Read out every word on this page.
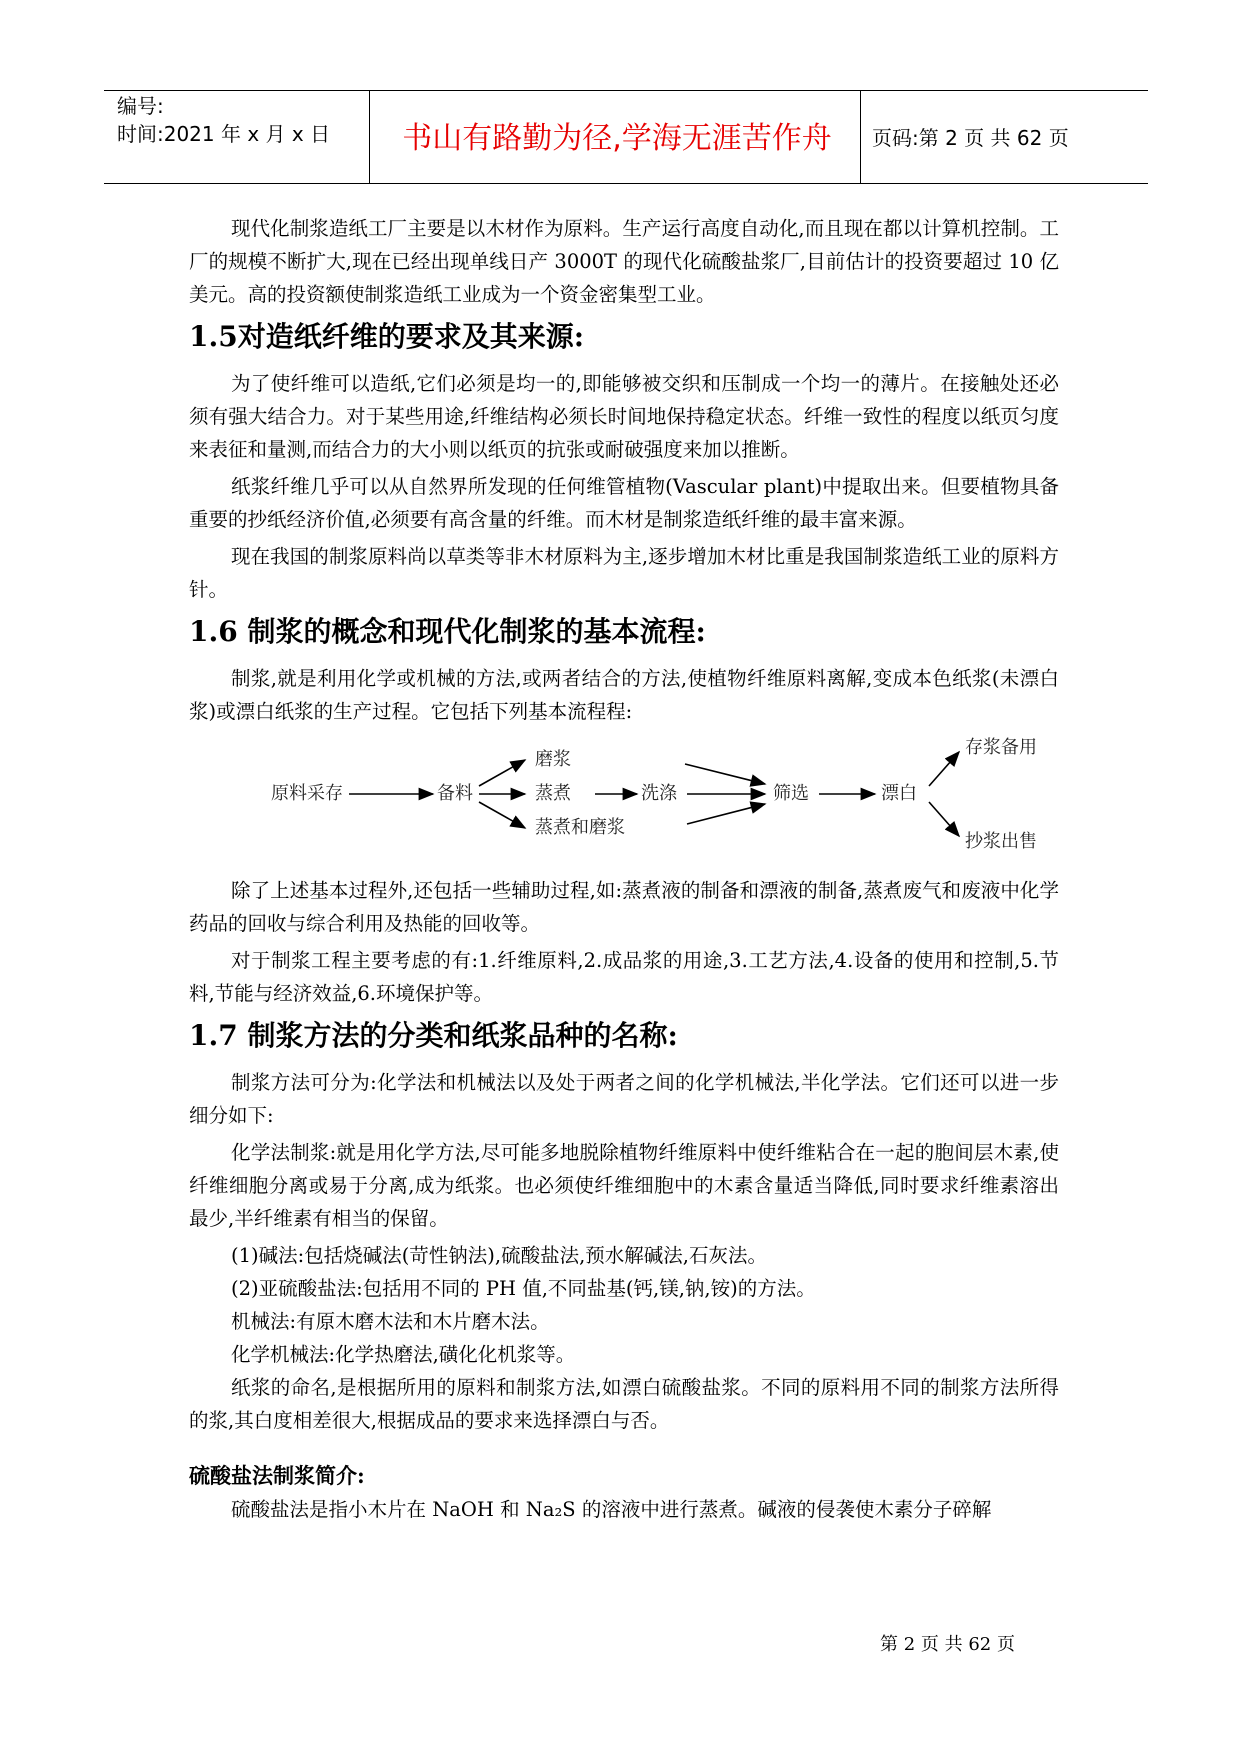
编号:
时间:2021 年 x 月 x 日	书山有路勤为径,学海无涯苦作舟	页码:第 2 页 共 62 页

现代化制浆造纸工厂主要是以木材作为原料。生产运行高度自动化,而且现在都以计算机控制。工厂的规模不断扩大,现在已经出现单线日产 3000T 的现代化硫酸盐浆厂,目前估计的投资要超过 10 亿美元。高的投资额使制浆造纸工业成为一个资金密集型工业。

1.5对造纸纤维的要求及其来源:

为了使纤维可以造纸,它们必须是均一的,即能够被交织和压制成一个均一的薄片。在接触处还必须有强大结合力。对于某些用途,纤维结构必须长时间地保持稳定状态。纤维一致性的程度以纸页匀度来表征和量测,而结合力的大小则以纸页的抗张或耐破强度来加以推断。

纸浆纤维几乎可以从自然界所发现的任何维管植物(Vascular plant)中提取出来。但要植物具备重要的抄纸经济价值,必须要有高含量的纤维。而木材是制浆造纸纤维的最丰富来源。

现在我国的制浆原料尚以草类等非木材原料为主,逐步增加木材比重是我国制浆造纸工业的原料方针。

1.6 制浆的概念和现代化制浆的基本流程:

制浆,就是利用化学或机械的方法,或两者结合的方法,使植物纤维原料离解,变成本色纸浆(未漂白浆)或漂白纸浆的生产过程。它包括下列基本流程程:

原料采存	备料
磨浆
蒸煮
蒸煮和磨浆
洗涤	筛选	漂白
存浆备用
抄浆出售

除了上述基本过程外,还包括一些辅助过程,如:蒸煮液的制备和漂液的制备,蒸煮废气和废液中化学药品的回收与综合利用及热能的回收等。

对于制浆工程主要考虑的有:1.纤维原料,2.成品浆的用途,3.工艺方法,4.设备的使用和控制,5.节料,节能与经济效益,6.环境保护等。

1.7 制浆方法的分类和纸浆品种的名称:

制浆方法可分为:化学法和机械法以及处于两者之间的化学机械法,半化学法。它们还可以进一步细分如下:

化学法制浆:就是用化学方法,尽可能多地脱除植物纤维原料中使纤维粘合在一起的胞间层木素,使纤维细胞分离或易于分离,成为纸浆。也必须使纤维细胞中的木素含量适当降低,同时要求纤维素溶出最少,半纤维素有相当的保留。

(1)碱法:包括烧碱法(苛性钠法),硫酸盐法,预水解碱法,石灰法。

(2)亚硫酸盐法:包括用不同的 PH 值,不同盐基(钙,镁,钠,铵)的方法。

机械法:有原木磨木法和木片磨木法。

化学机械法:化学热磨法,磺化化机浆等。

纸浆的命名,是根据所用的原料和制浆方法,如漂白硫酸盐浆。不同的原料用不同的制浆方法所得的浆,其白度相差很大,根据成品的要求来选择漂白与否。

硫酸盐法制浆简介:

硫酸盐法是指小木片在 NaOH 和 Na₂S 的溶液中进行蒸煮。碱液的侵袭使木素分子碎解

第 2 页 共 62 页
